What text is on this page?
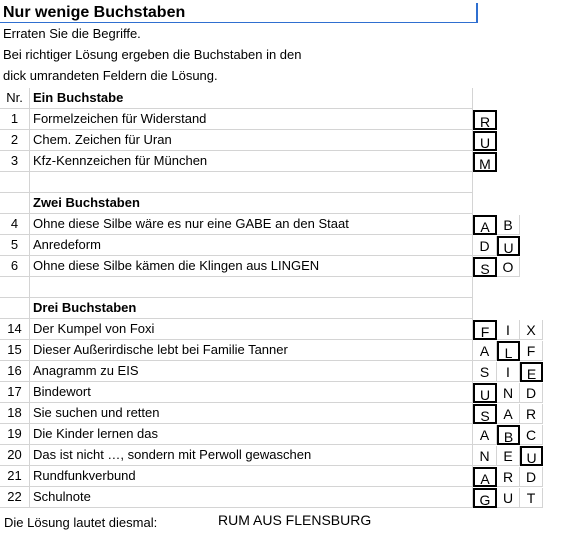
Nur wenige Buchstaben
Erraten Sie die Begriffe.
Bei richtiger Lösung ergeben die Buchstaben in den
dick umrandeten Feldern die Lösung.
Nr. Ein Buchstabe
1	Formelzeichen für Widerstand	R
2	Chem. Zeichen für Uran	U
3	Kfz-Kennzeichen für München	M
Zwei Buchstaben
4	Ohne diese Silbe wäre es nur eine GABE an den Staat	A B
5	Anredeform	D U
6	Ohne diese Silbe kämen die Klingen aus LINGEN	S O
Drei Buchstaben
14 Der Kumpel von Foxi	F	I	X
15 Dieser Außerirdische lebt bei Familie Tanner	A	L	F
16 Anagramm zu EIS	S	I	E
17 Bindewort	U N D
18 Sie suchen und retten	S A R
19 Die Kinder lernen das	A	B C
20 Das ist nicht …, sondern mit Perwoll gewaschen	N E U
21 Rundfunkverbund	A R D
22 Schulnote	G U T
Die Lösung lautet diesmal:	RUM AUS FLENSBURG
